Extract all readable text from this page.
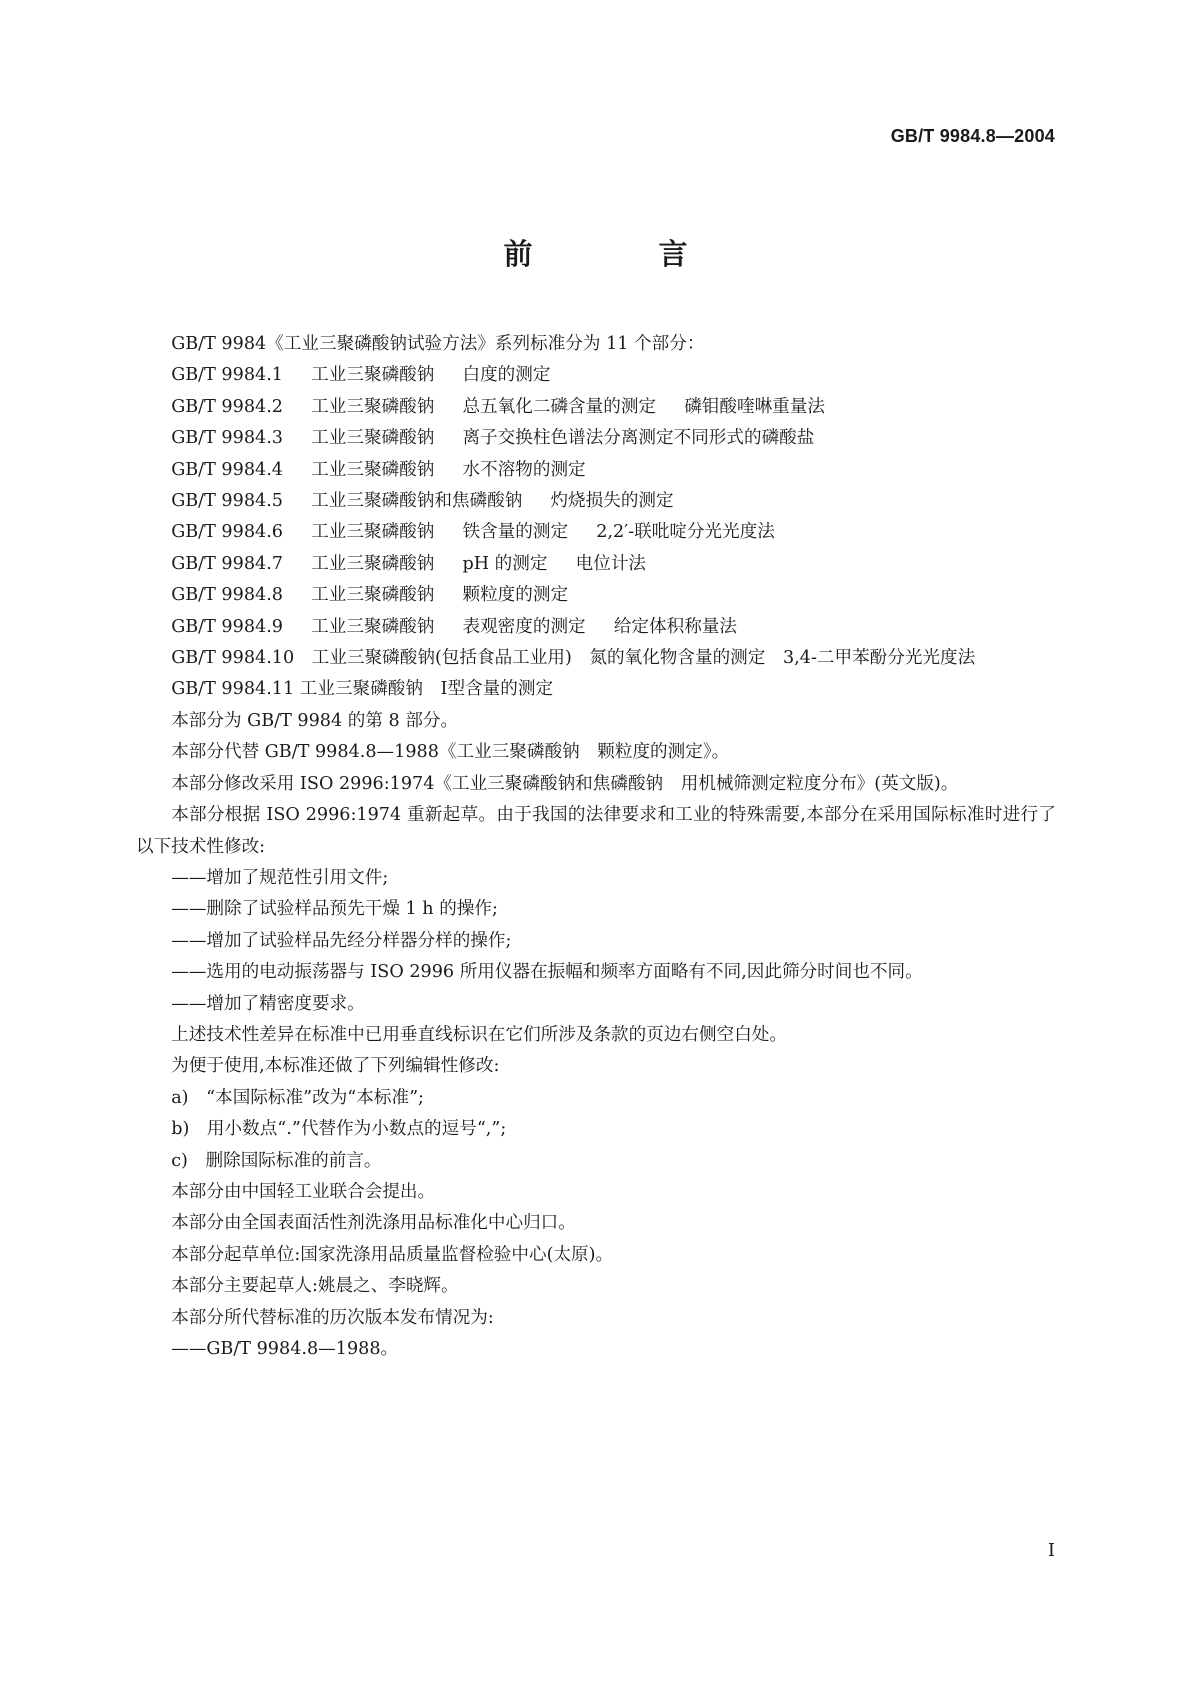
GB/T 9984.8—2004
前 言

GB/T 9984《工业三聚磷酸钠试验方法》系列标准分为 11 个部分：

GB/T 9984.1 工业三聚磷酸钠 白度的测定

GB/T 9984.2 工业三聚磷酸钠 总五氧化二磷含量的测定 磷钼酸喹啉重量法

GB/T 9984.3 工业三聚磷酸钠 离子交换柱色谱法分离测定不同形式的磷酸盐

GB/T 9984.4 工业三聚磷酸钠 水不溶物的测定

GB/T 9984.5 工业三聚磷酸钠和焦磷酸钠 灼烧损失的测定

GB/T 9984.6 工业三聚磷酸钠 铁含量的测定 2,2′-联吡啶分光光度法

GB/T 9984.7 工业三聚磷酸钠 pH 的测定 电位计法

GB/T 9984.8 工业三聚磷酸钠 颗粒度的测定

GB/T 9984.9 工业三聚磷酸钠 表观密度的测定 给定体积称量法

GB/T 9984.10 工业三聚磷酸钠(包括食品工业用) 氮的氧化物含量的测定 3,4-二甲苯酚分光光度法

GB/T 9984.11 工业三聚磷酸钠 Ⅰ型含量的测定

本部分为 GB/T 9984 的第 8 部分。

本部分代替 GB/T 9984.8—1988《工业三聚磷酸钠　颗粒度的测定》。

本部分修改采用 ISO 2996:1974《工业三聚磷酸钠和焦磷酸钠　用机械筛测定粒度分布》(英文版)。

本部分根据 ISO 2996:1974 重新起草。由于我国的法律要求和工业的特殊需要,本部分在采用国际标准时进行了以下技术性修改:

——增加了规范性引用文件;

——删除了试验样品预先干燥 1 h 的操作;

——增加了试验样品先经分样器分样的操作;

——选用的电动振荡器与 ISO 2996 所用仪器在振幅和频率方面略有不同,因此筛分时间也不同。

——增加了精密度要求。

上述技术性差异在标准中已用垂直线标识在它们所涉及条款的页边右侧空白处。

为便于使用,本标准还做了下列编辑性修改:

a) “本国际标准”改为“本标准”;

b) 用小数点“.”代替作为小数点的逗号“,”;

c) 删除国际标准的前言。

本部分由中国轻工业联合会提出。

本部分由全国表面活性剂洗涤用品标准化中心归口。

本部分起草单位:国家洗涤用品质量监督检验中心(太原)。

本部分主要起草人:姚晨之、李晓辉。

本部分所代替标准的历次版本发布情况为:

——GB/T 9984.8—1988。

I
